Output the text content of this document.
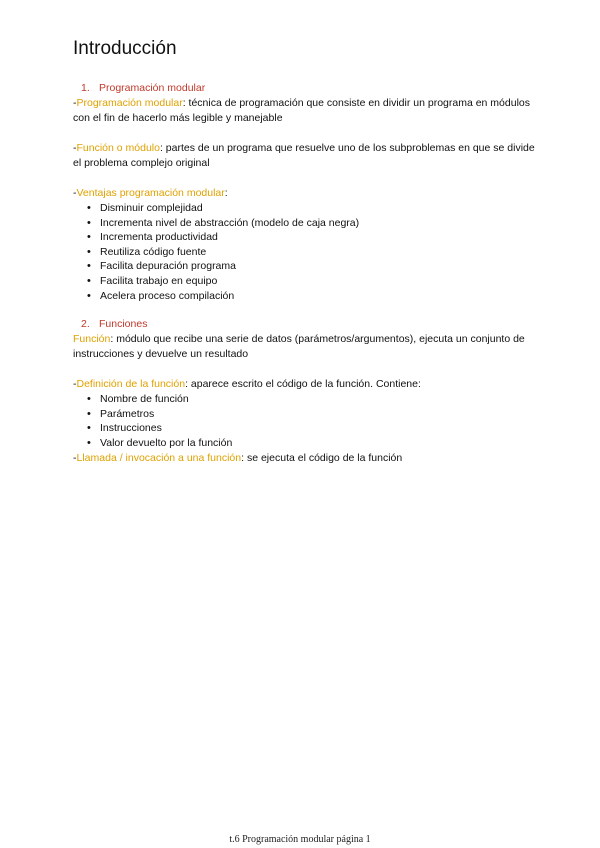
Introducción
1. Programación modular

-Programación modular: técnica de programación que consiste en dividir un programa en módulos con el fin de hacerlo más legible y manejable

-Función o módulo: partes de un programa que resuelve uno de los subproblemas en que se divide el problema complejo original

-Ventajas programación modular:

• Disminuir complejidad
• Incrementa nivel de abstracción (modelo de caja negra)
• Incrementa productividad
• Reutiliza código fuente
• Facilita depuración programa
• Facilita trabajo en equipo
• Acelera proceso compilación
2. Funciones

Función: módulo que recibe una serie de datos (parámetros/argumentos), ejecuta un conjunto de instrucciones y devuelve un resultado

-Definición de la función: aparece escrito el código de la función. Contiene:

• Nombre de función
• Parámetros
• Instrucciones
• Valor devuelto por la función

-Llamada / invocación a una función: se ejecuta el código de la función

t.6 Programación modular página 1
